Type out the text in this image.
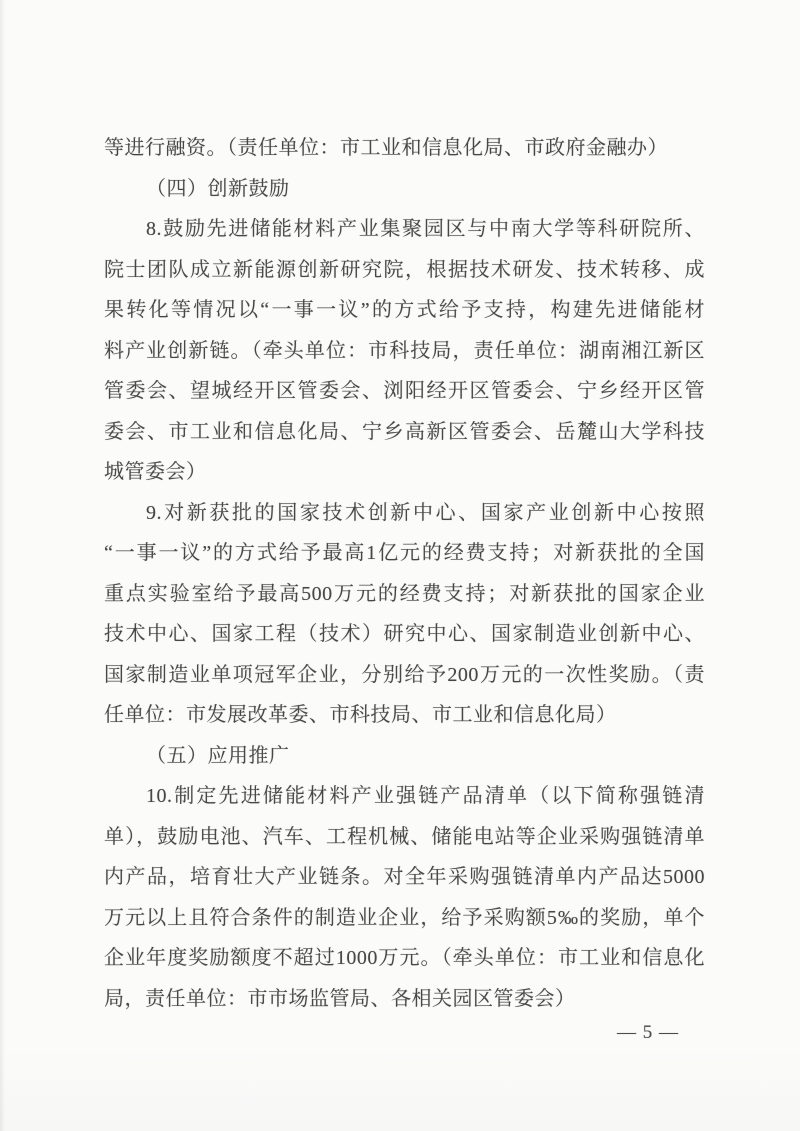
等进行融资。（责任单位：市工业和信息化局、市政府金融办）
（四）创新鼓励
8.鼓励先进储能材料产业集聚园区与中南大学等科研院所、
院士团队成立新能源创新研究院，根据技术研发、技术转移、成
果转化等情况以“一事一议”的方式给予支持，构建先进储能材
料产业创新链。（牵头单位：市科技局，责任单位：湖南湘江新区
管委会、望城经开区管委会、浏阳经开区管委会、宁乡经开区管
委会、市工业和信息化局、宁乡高新区管委会、岳麓山大学科技
城管委会）
9.对新获批的国家技术创新中心、国家产业创新中心按照
“一事一议”的方式给予最高1亿元的经费支持；对新获批的全国
重点实验室给予最高500万元的经费支持；对新获批的国家企业
技术中心、国家工程（技术）研究中心、国家制造业创新中心、
国家制造业单项冠军企业，分别给予200万元的一次性奖励。（责
任单位：市发展改革委、市科技局、市工业和信息化局）
（五）应用推广
10.制定先进储能材料产业强链产品清单（以下简称强链清
单），鼓励电池、汽车、工程机械、储能电站等企业采购强链清单
内产品，培育壮大产业链条。对全年采购强链清单内产品达5000
万元以上且符合条件的制造业企业，给予采购额5‰的奖励，单个
企业年度奖励额度不超过1000万元。（牵头单位：市工业和信息化
局，责任单位：市市场监管局、各相关园区管委会）
— 5 —
